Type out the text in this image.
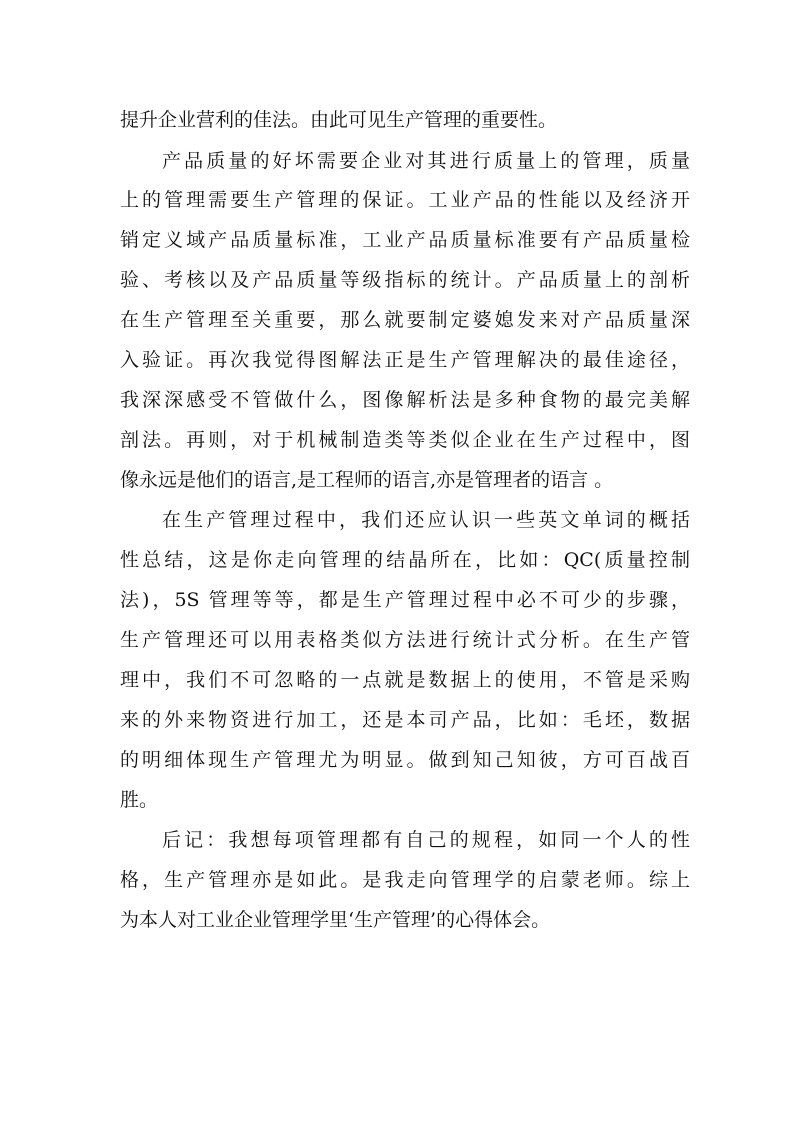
提升企业营利的佳法。由此可见生产管理的重要性。
产品质量的好坏需要企业对其进行质量上的管理，质量
上的管理需要生产管理的保证。工业产品的性能以及经济开
销定义域产品质量标准，工业产品质量标准要有产品质量检
验、考核以及产品质量等级指标的统计。产品质量上的剖析
在生产管理至关重要，那么就要制定婆媳发来对产品质量深
入验证。再次我觉得图解法正是生产管理解决的最佳途径，
我深深感受不管做什么，图像解析法是多种食物的最完美解
剖法。再则，对于机械制造类等类似企业在生产过程中，图
像永远是他们的语言,是工程师的语言,亦是管理者的语言 。
在生产管理过程中，我们还应认识一些英文单词的概括
性总结，这是你走向管理的结晶所在，比如：QC(质量控制
法)，5S 管理等等，都是生产管理过程中必不可少的步骤，
生产管理还可以用表格类似方法进行统计式分析。在生产管
理中，我们不可忽略的一点就是数据上的使用，不管是采购
来的外来物资进行加工，还是本司产品，比如：毛坯，数据
的明细体现生产管理尤为明显。做到知己知彼，方可百战百
胜。
后记：我想每项管理都有自己的规程，如同一个人的性
格，生产管理亦是如此。是我走向管理学的启蒙老师。综上
为本人对工业企业管理学里‘生产管理’的心得体会。
